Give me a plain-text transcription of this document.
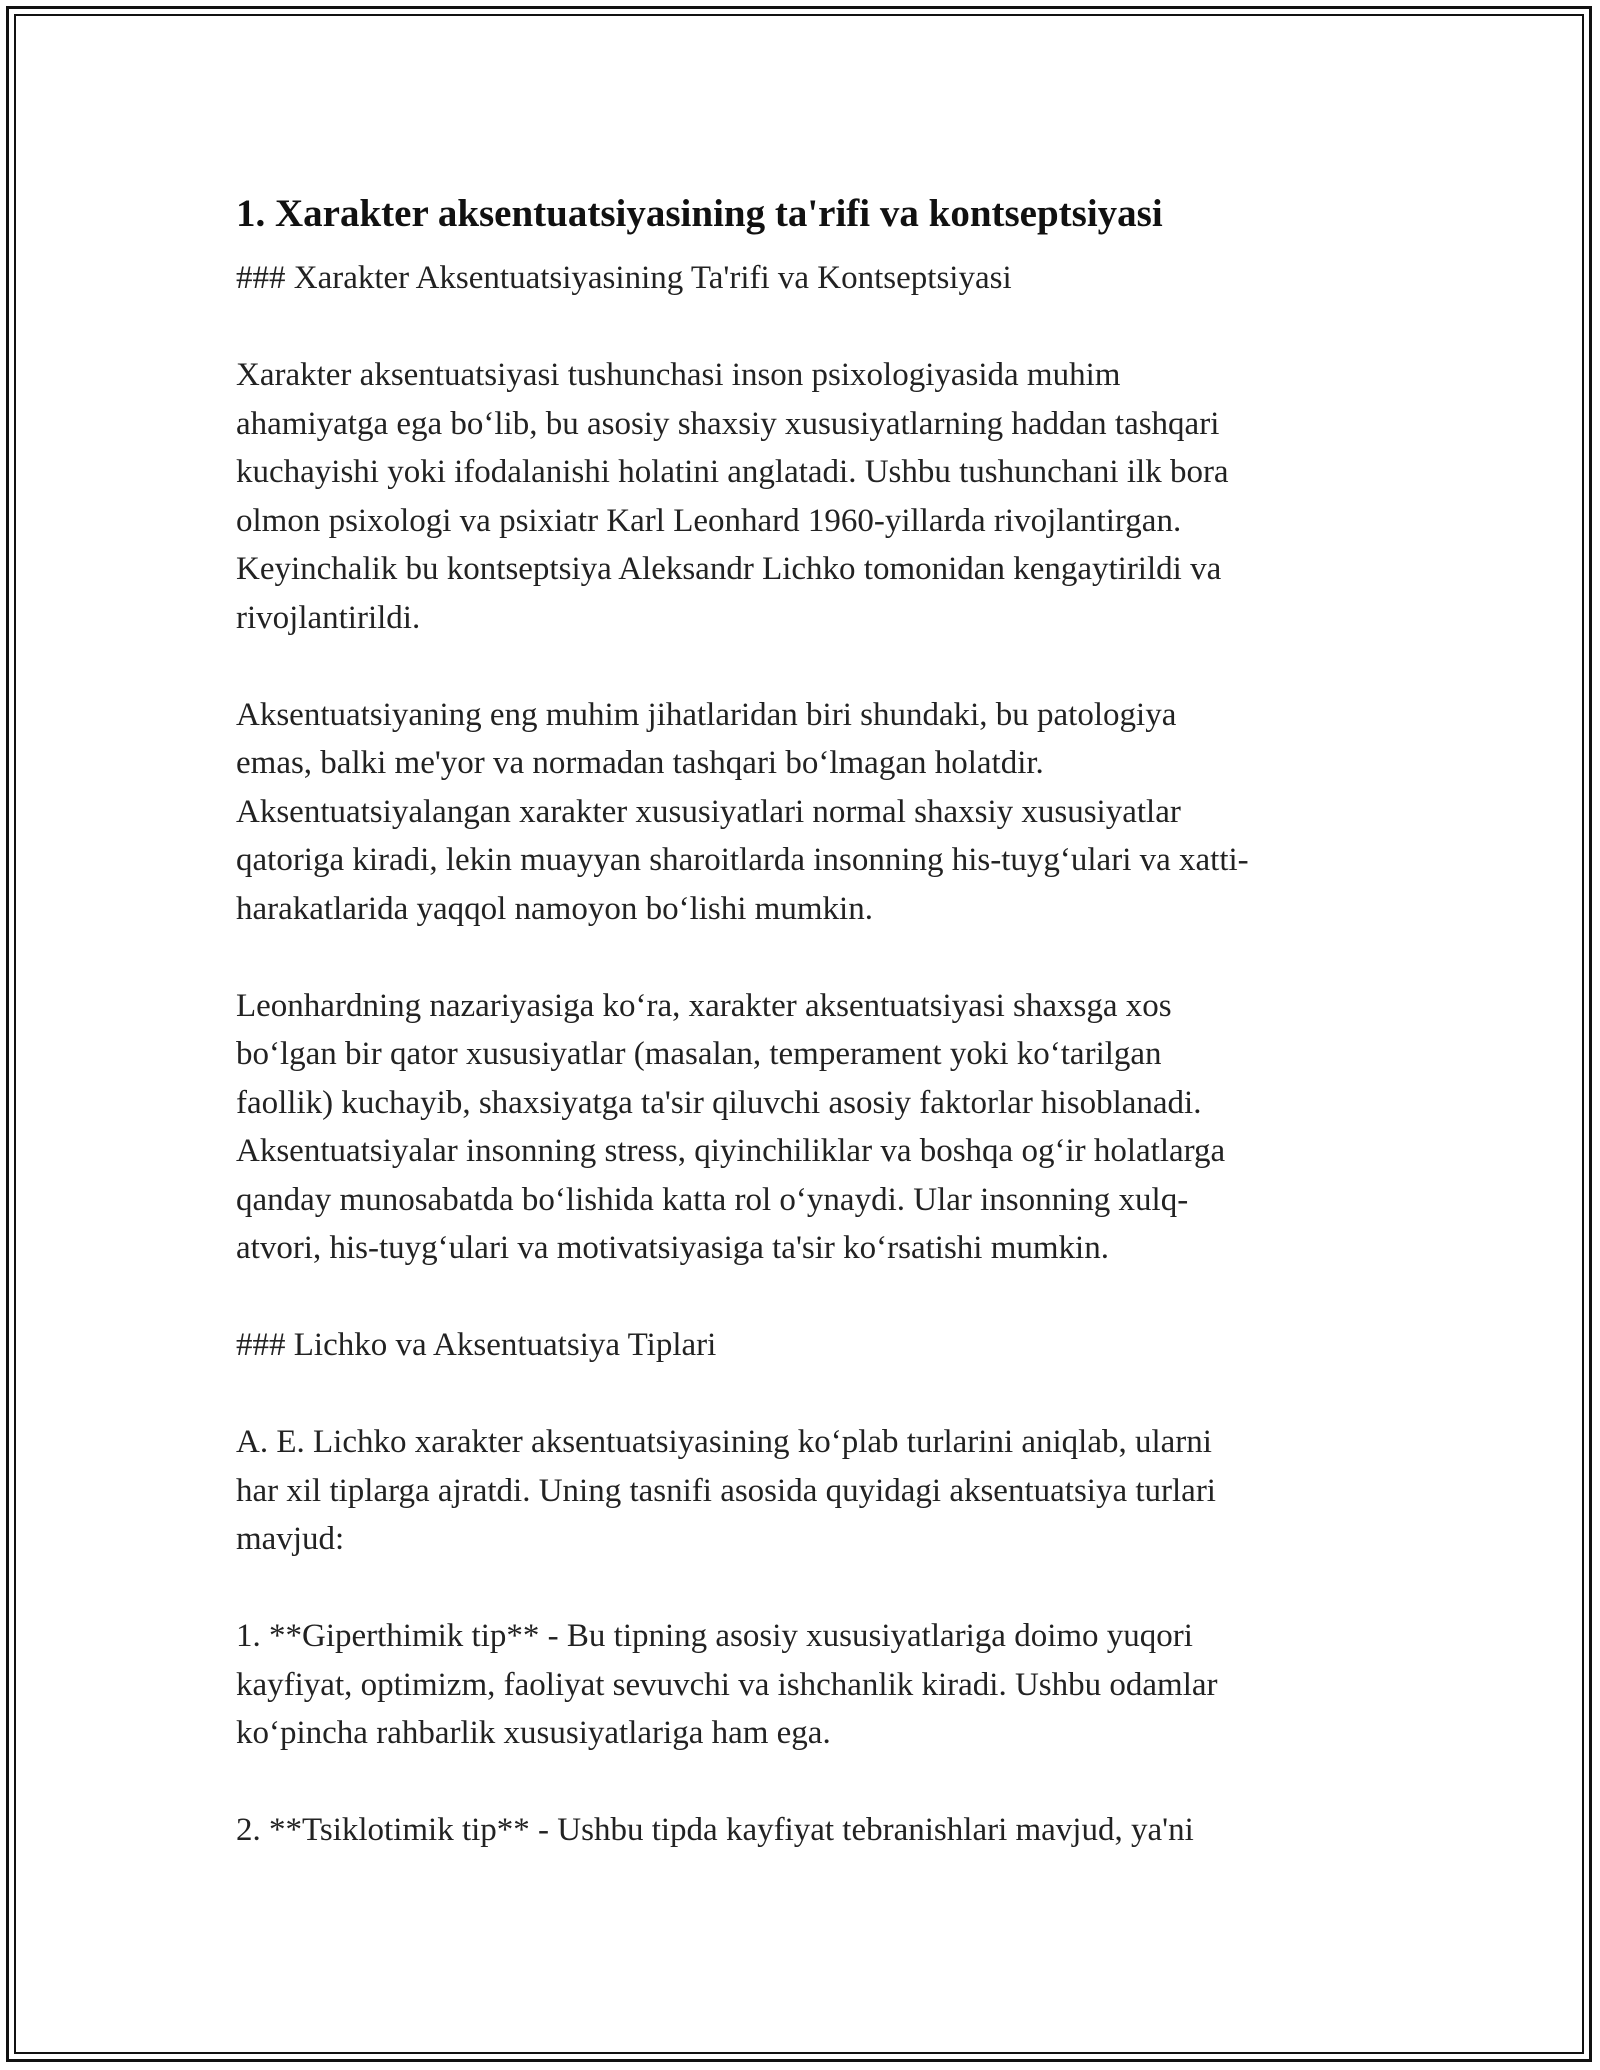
1. Xarakter aksentuatsiyasining ta'rifi va kontseptsiyasi

### Xarakter Aksentuatsiyasining Ta'rifi va Kontseptsiyasi

Xarakter aksentuatsiyasi tushunchasi inson psixologiyasida muhim

ahamiyatga ega bo‘lib, bu asosiy shaxsiy xususiyatlarning haddan tashqari

kuchayishi yoki ifodalanishi holatini anglatadi. Ushbu tushunchani ilk bora

olmon psixologi va psixiatr Karl Leonhard 1960-yillarda rivojlantirgan.

Keyinchalik bu kontseptsiya Aleksandr Lichko tomonidan kengaytirildi va

rivojlantirildi.

Aksentuatsiyaning eng muhim jihatlaridan biri shundaki, bu patologiya

emas, balki me'yor va normadan tashqari bo‘lmagan holatdir.

Aksentuatsiyalangan xarakter xususiyatlari normal shaxsiy xususiyatlar

qatoriga kiradi, lekin muayyan sharoitlarda insonning his-tuyg‘ulari va xatti-

harakatlarida yaqqol namoyon bo‘lishi mumkin.

Leonhardning nazariyasiga ko‘ra, xarakter aksentuatsiyasi shaxsga xos

bo‘lgan bir qator xususiyatlar (masalan, temperament yoki ko‘tarilgan

faollik) kuchayib, shaxsiyatga ta'sir qiluvchi asosiy faktorlar hisoblanadi.

Aksentuatsiyalar insonning stress, qiyinchiliklar va boshqa og‘ir holatlarga

qanday munosabatda bo‘lishida katta rol o‘ynaydi. Ular insonning xulq-

atvori, his-tuyg‘ulari va motivatsiyasiga ta'sir ko‘rsatishi mumkin.

### Lichko va Aksentuatsiya Tiplari

A. E. Lichko xarakter aksentuatsiyasining ko‘plab turlarini aniqlab, ularni

har xil tiplarga ajratdi. Uning tasnifi asosida quyidagi aksentuatsiya turlari

mavjud:

1. **Giperthimik tip** - Bu tipning asosiy xususiyatlariga doimo yuqori

kayfiyat, optimizm, faoliyat sevuvchi va ishchanlik kiradi. Ushbu odamlar

ko‘pincha rahbarlik xususiyatlariga ham ega.

2. **Tsiklotimik tip** - Ushbu tipda kayfiyat tebranishlari mavjud, ya'ni
